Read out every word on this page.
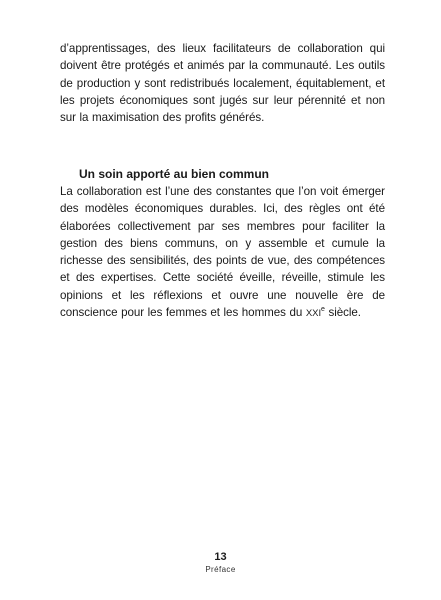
d’apprentissages, des lieux facilitateurs de collaboration qui doivent être protégés et animés par la communauté. Les outils de production y sont redistribués localement, équitablement, et les projets économiques sont jugés sur leur pérennité et non sur la maximisation des profits générés.

Un soin apporté au bien commun

La collaboration est l’une des constantes que l’on voit émerger des modèles économiques durables. Ici, des règles ont été élaborées collectivement par ses membres pour faciliter la gestion des biens communs, on y assemble et cumule la richesse des sensibilités, des points de vue, des compétences et des expertises. Cette société éveille, réveille, stimule les opinions et les réflexions et ouvre une nouvelle ère de conscience pour les femmes et les hommes du XXIe siècle.

13
Préface
